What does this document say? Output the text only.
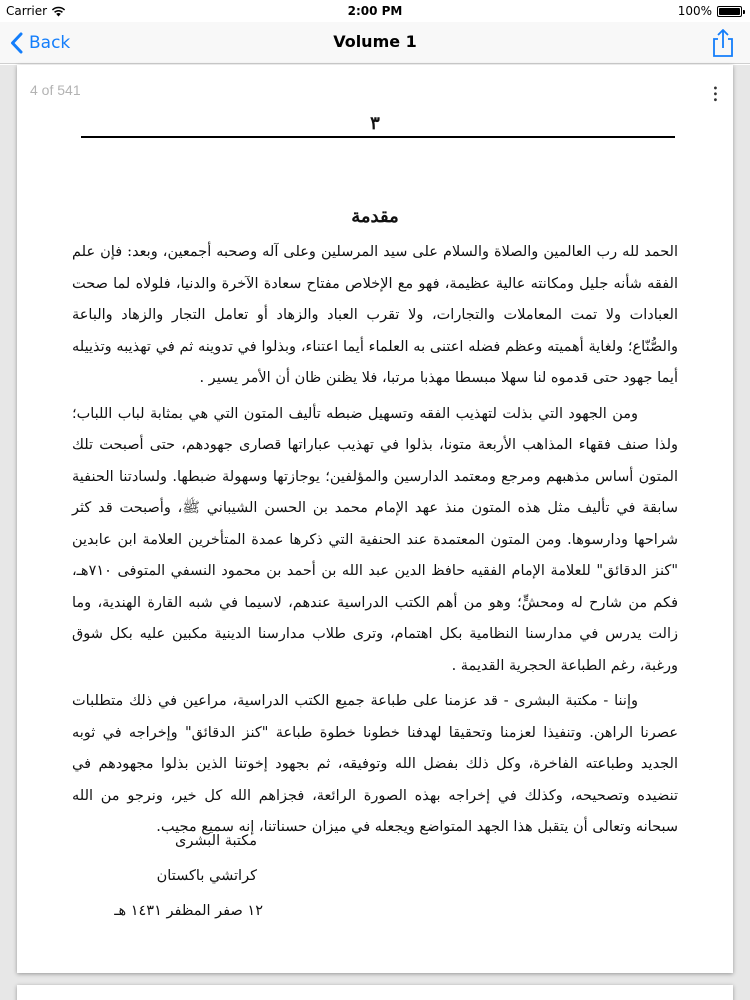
Carrier	2:00 PM	100%
Back	Volume 1
4 of 541	•••
٣
مقدمة

الحمد لله رب العالمين والصلاة والسلام على سيد المرسلين وعلى آله وصحبه أجمعين، وبعد: فإن علم الفقه شأنه جليل ومكانته عالية عظيمة، فهو مع الإخلاص مفتاح سعادة الآخرة والدنيا، فلولاه لما صحت العبادات ولا تمت المعاملات والتجارات، ولا تقرب العباد والزهاد أو تعامل التجار والزهاد والباعة والصُّنّاع؛ ولغاية أهميته وعظم فضله اعتنى به العلماء أيما اعتناء، وبذلوا في تدوينه ثم في تهذيبه وتذييله أيما جهود حتى قدموه لنا سهلا مبسطا مهذبا مرتبا، فلا يظنن ظان أن الأمر يسير .

ومن الجهود التي بذلت لتهذيب الفقه وتسهيل ضبطه تأليف المتون التي هي بمثابة لباب اللباب؛ ولذا صنف فقهاء المذاهب الأربعة متونا، بذلوا في تهذيب عباراتها قصارى جهودهم، حتى أصبحت تلك المتون أساس مذهبهم ومرجع ومعتمد الدارسين والمؤلفين؛ يوجازتها وسهولة ضبطها. ولسادتنا الحنفية سابقة في تأليف مثل هذه المتون منذ عهد الإمام محمد بن الحسن الشيباني ﷺ، وأصبحت قد كثر شراحها ودارسوها. ومن المتون المعتمدة عند الحنفية التي ذكرها عمدة المتأخرين العلامة ابن عابدين "كنز الدقائق" للعلامة الإمام الفقيه حافظ الدين عبد الله بن أحمد بن محمود النسفي المتوفى ٧١٠هـ، فكم من شارح له ومحشٍّ؛ وهو من أهم الكتب الدراسية عندهم، لاسيما في شبه القارة الهندية، وما زالت يدرس في مدارسنا النظامية بكل اهتمام، وترى طلاب مدارسنا الدينية مكبين عليه بكل شوق ورغبة، رغم الطباعة الحجرية القديمة .

وإننا - مكتبة البشرى - قد عزمنا على طباعة جميع الكتب الدراسية، مراعين في ذلك متطلبات عصرنا الراهن. وتنفيذا لعزمنا وتحقيقا لهدفنا خطونا خطوة طباعة "كنز الدقائق" وإخراجه في ثوبه الجديد وطباعته الفاخرة، وكل ذلك بفضل الله وتوفيقه، ثم بجهود إخوتنا الذين بذلوا مجهودهم في تنضيده وتصحيحه، وكذلك في إخراجه بهذه الصورة الرائعة، فجزاهم الله كل خير، ونرجو من الله سبحانه وتعالى أن يتقبل هذا الجهد المتواضع ويجعله في ميزان حسناتنا، إنه سميع مجيب.

مكتبة البشرى
كراتشي باكستان
١٢ صفر المظفر ١٤٣١ هـ
